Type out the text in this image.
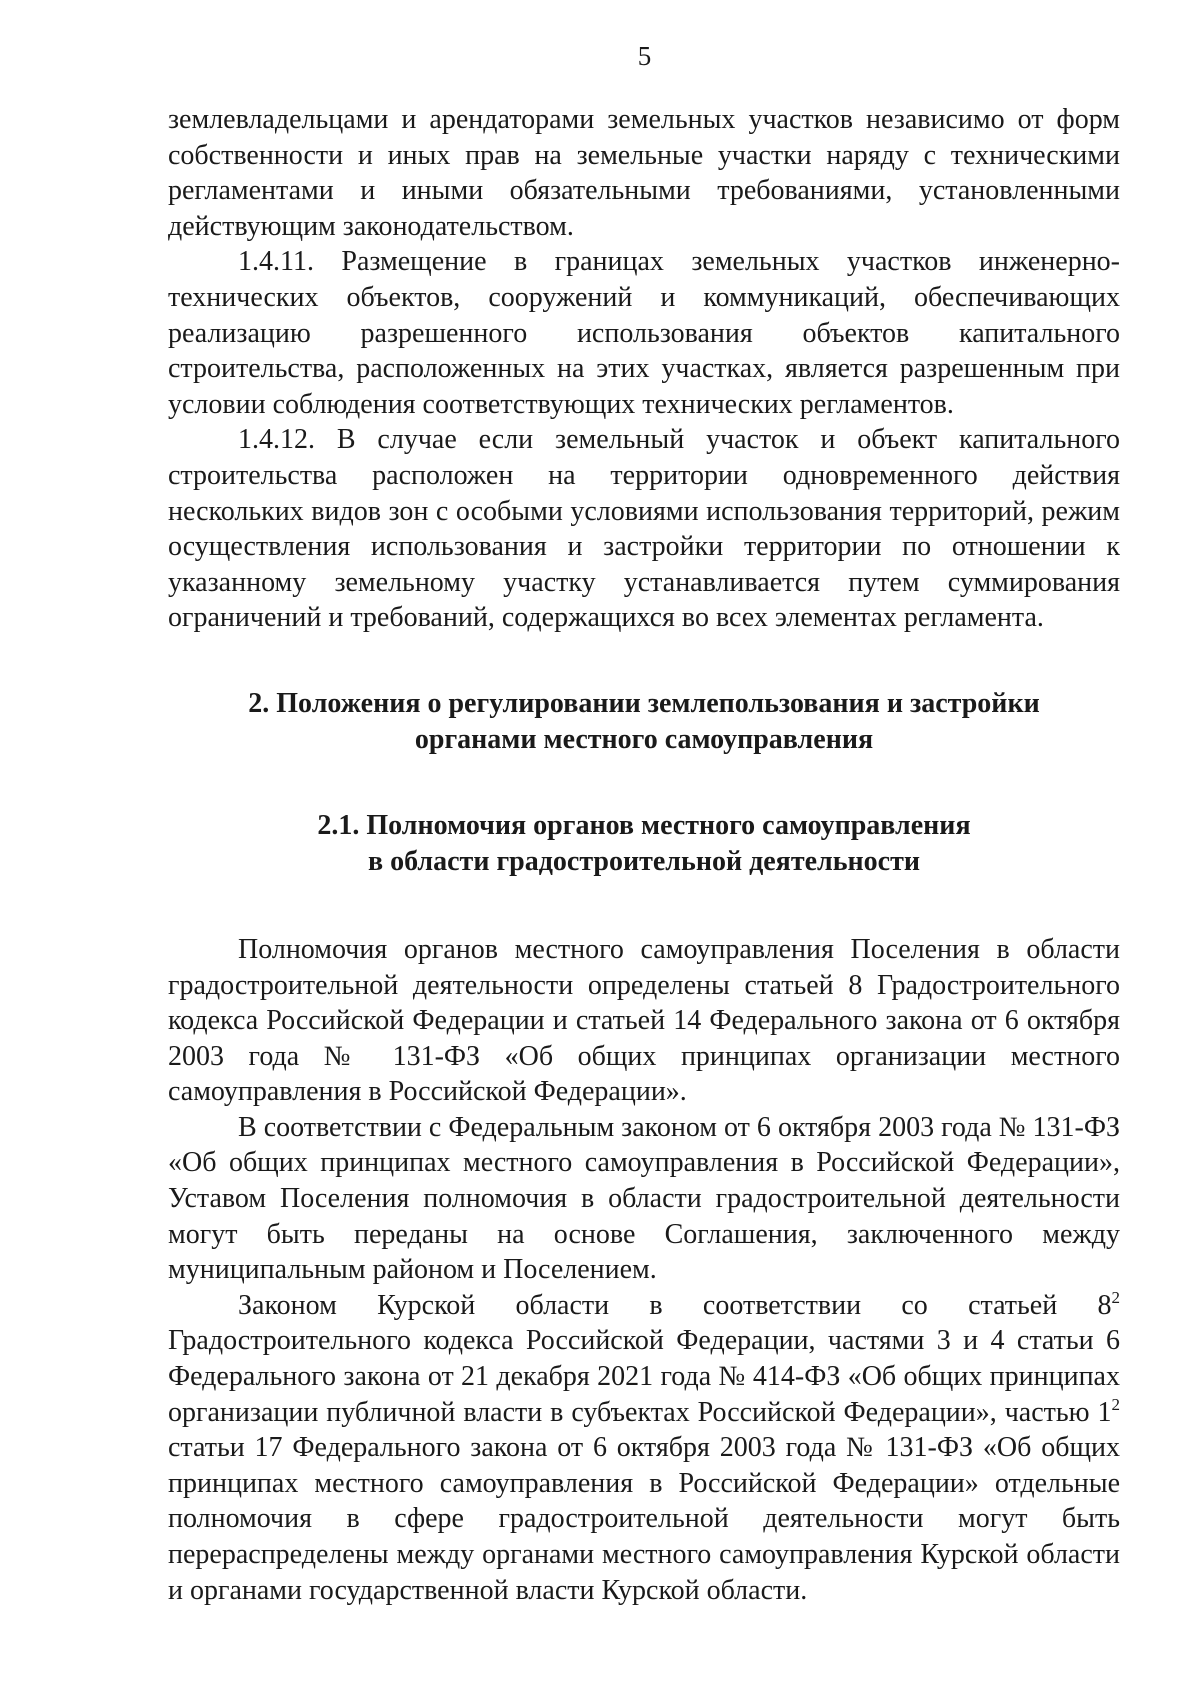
5

землевладельцами и арендаторами земельных участков независимо от форм собственности и иных прав на земельные участки наряду с техническими регламентами и иными обязательными требованиями, установленными действующим законодательством.

1.4.11. Размещение в границах земельных участков инженерно-технических объектов, сооружений и коммуникаций, обеспечивающих реализацию разрешенного использования объектов капитального строительства, расположенных на этих участках, является разрешенным при условии соблюдения соответствующих технических регламентов.

1.4.12. В случае если земельный участок и объект капитального строительства расположен на территории одновременного действия нескольких видов зон с особыми условиями использования территорий, режим осуществления использования и застройки территории по отношении к указанному земельному участку устанавливается путем суммирования ограничений и требований, содержащихся во всех элементах регламента.

2. Положения о регулировании землепользования и застройки
органами местного самоуправления
2.1. Полномочия органов местного самоуправления
в области градостроительной деятельности

Полномочия органов местного самоуправления Поселения в области градостроительной деятельности определены статьей 8 Градостроительного кодекса Российской Федерации и статьей 14 Федерального закона от 6 октября 2003 года № 131-ФЗ «Об общих принципах организации местного самоуправления в Российской Федерации».

В соответствии с Федеральным законом от 6 октября 2003 года № 131-ФЗ «Об общих принципах местного самоуправления в Российской Федерации», Уставом Поселения полномочия в области градостроительной деятельности могут быть переданы на основе Соглашения, заключенного между муниципальным районом и Поселением.

Законом Курской области в соответствии со статьей $8^2$ Градостроительного кодекса Российской Федерации, частями 3 и 4 статьи 6 Федерального закона от 21 декабря 2021 года № 414-ФЗ «Об общих принципах организации публичной власти в субъектах Российской Федерации», частью $1^2$ статьи 17 Федерального закона от 6 октября 2003 года № 131-ФЗ «Об общих принципах местного самоуправления в Российской Федерации» отдельные полномочия в сфере градостроительной деятельности могут быть перераспределены между органами местного самоуправления Курской области и органами государственной власти Курской области.
